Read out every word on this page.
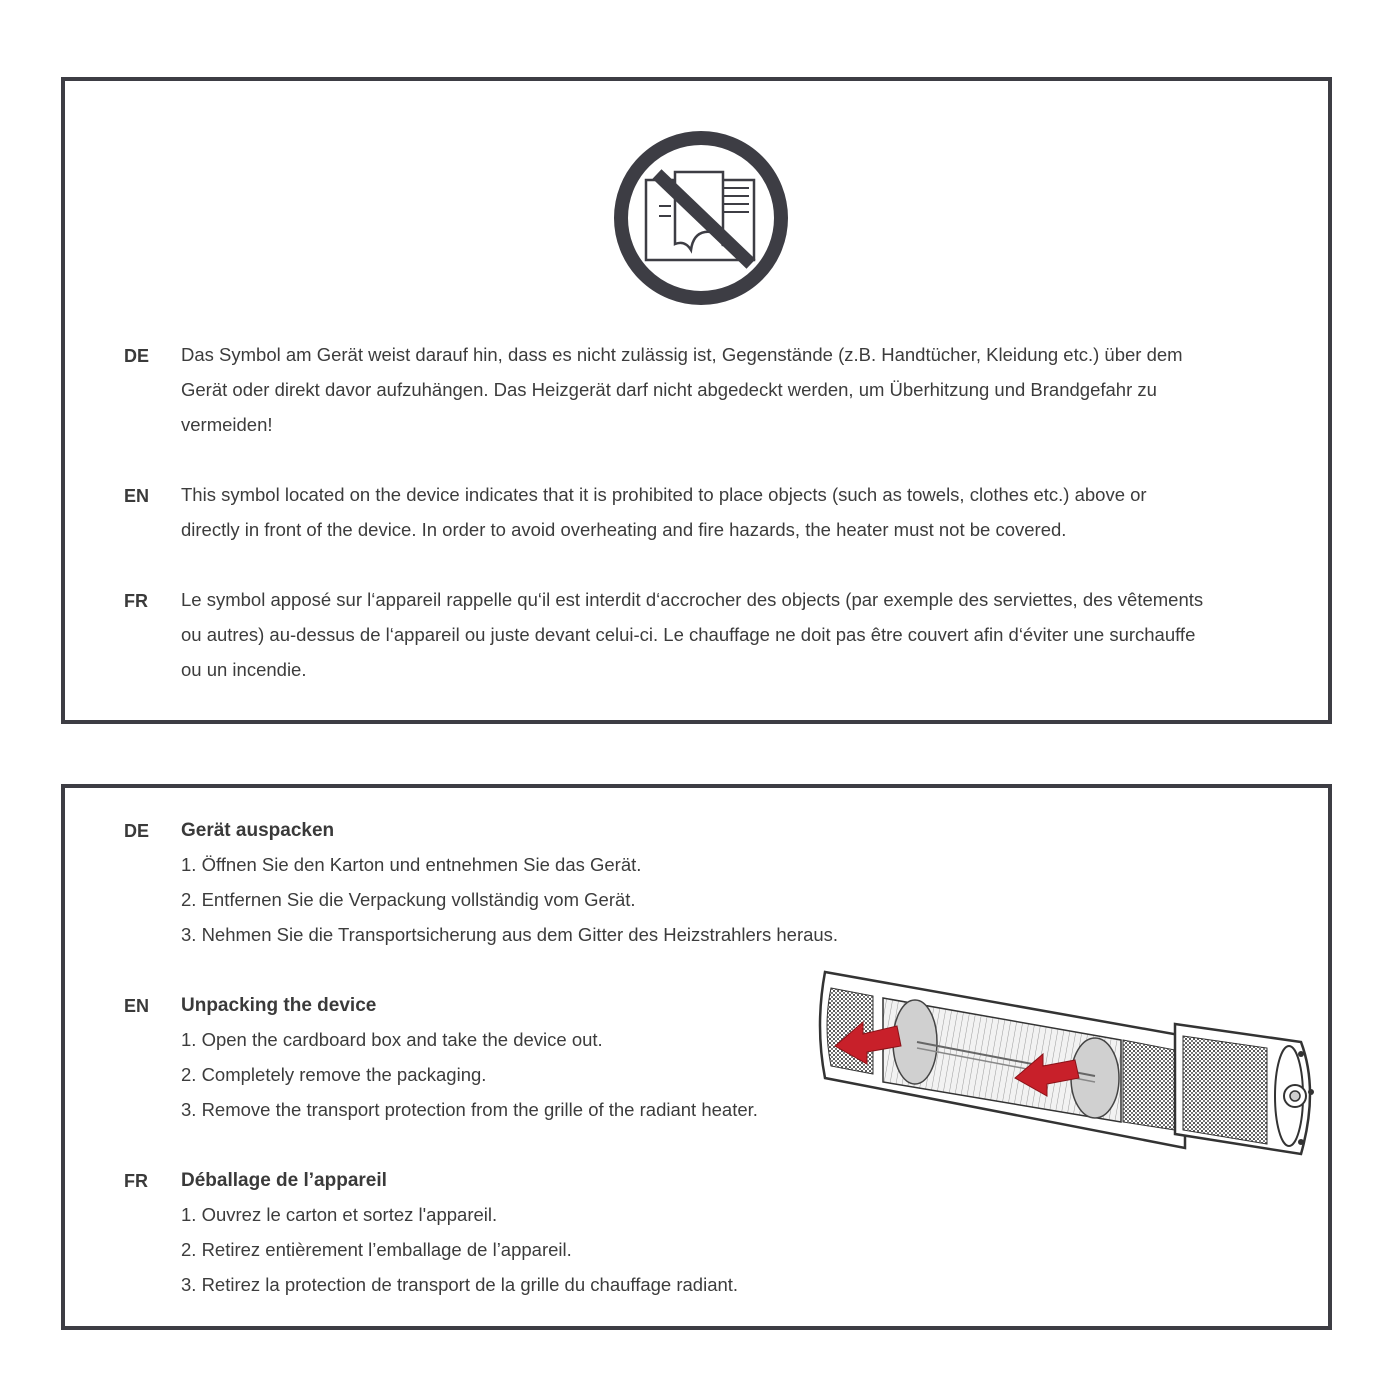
DE Das Symbol am Gerät weist darauf hin, dass es nicht zulässig ist, Gegenstände (z.B. Handtücher, Kleidung etc.) über dem
Gerät oder direkt davor aufzuhängen. Das Heizgerät darf nicht abgedeckt werden, um Überhitzung und Brandgefahr zu
vermeiden!
EN This symbol located on the device indicates that it is prohibited to place objects (such as towels, clothes etc.) above or
directly in front of the device. In order to avoid overheating and fire hazards, the heater must not be covered.
FR Le symbol apposé sur l‘appareil rappelle qu‘il est interdit d‘accrocher des objects (par exemple des serviettes, des vêtements
ou autres) au-dessus de l‘appareil ou juste devant celui-ci. Le chauffage ne doit pas être couvert afin d‘éviter une surchauffe
ou un incendie.
DE Gerät auspacken
1. Öffnen Sie den Karton und entnehmen Sie das Gerät.
2. Entfernen Sie die Verpackung vollständig vom Gerät.
3. Nehmen Sie die Transportsicherung aus dem Gitter des Heizstrahlers heraus.
EN Unpacking the device
1. Open the cardboard box and take the device out.
2. Completely remove the packaging.
3. Remove the transport protection from the grille of the radiant heater.
FR Déballage de l’appareil
1. Ouvrez le carton et sortez l'appareil.
2. Retirez entièrement l’emballage de l’appareil.
3. Retirez la protection de transport de la grille du chauffage radiant.
